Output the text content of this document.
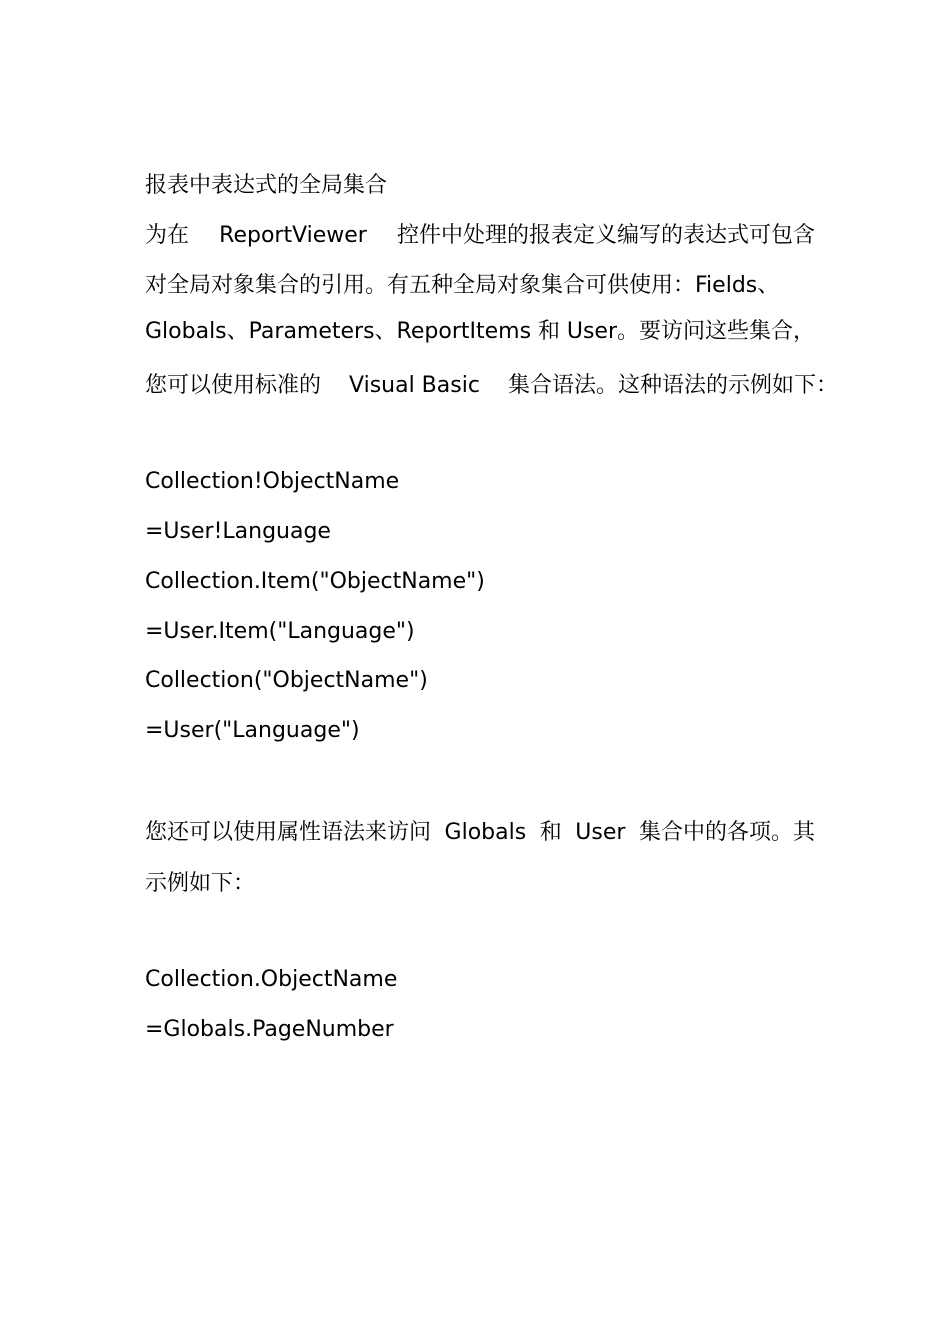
报表中表达式的全局集合
为在 ReportViewer 控件中处理的报表定义编写的表达式可包含
对全局对象集合的引用。有五种全局对象集合可供使用：Fields、
Globals、Parameters、ReportItems 和 User。要访问这些集合，
您可以使用标准的 Visual Basic 集合语法。这种语法的示例如下：
Collection!ObjectName
=User!Language
Collection.Item("ObjectName")
=User.Item("Language")
Collection("ObjectName")
=User("Language")
您还可以使用属性语法来访问 Globals 和 User 集合中的各项。其
示例如下：
Collection.ObjectName
=Globals.PageNumber
